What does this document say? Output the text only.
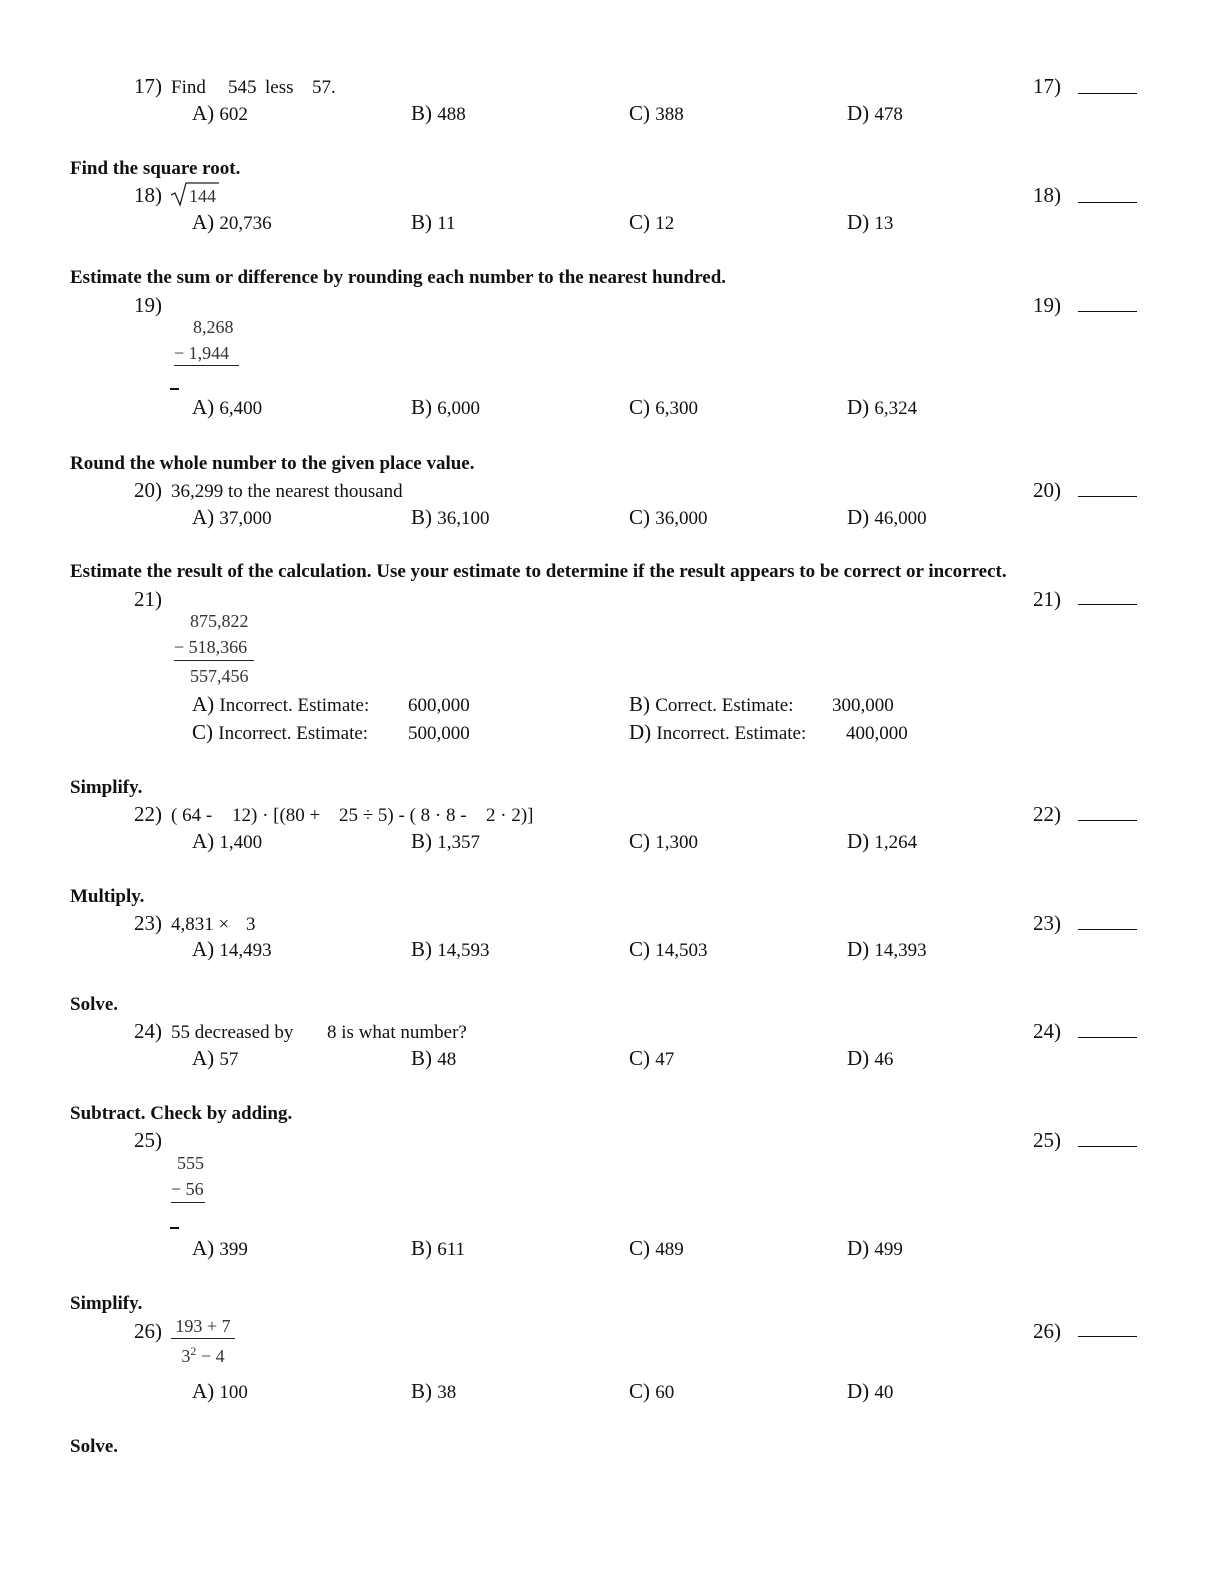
17) Find 545 less 57.	17)
A) 602	B) 488	C) 388	D) 478
Find the square root.
18) 144	18)
A) 20,736	B) 11	C) 12	D) 13
Estimate the sum or difference by rounding each number to the nearest hundred.
19)
8,268
− 1,944
19)
A) 6,400	B) 6,000	C) 6,300	D) 6,324
Round the whole number to the given place value.
20) 36,299 to the nearest thousand	20)
A) 37,000	B) 36,100	C) 36,000	D) 46,000
Estimate the result of the calculation. Use your estimate to determine if the result appears to be correct or incorrect.
21)
875,822
− 518,366
557,456
21)
A) Incorrect. Estimate: 600,000	B) Correct. Estimate: 300,000
C) Incorrect. Estimate: 500,000	D) Incorrect. Estimate: 400,000
Simplify.
22) ( 64 - 12) · [(80 + 25 ÷ 5) - ( 8 · 8 - 2 · 2)]	22)
A) 1,400	B) 1,357	C) 1,300	D) 1,264
Multiply.
23) 4,831 × 3	23)
A) 14,493	B) 14,593	C) 14,503	D) 14,393
Solve.
24) 55 decreased by 8 is what number?	24)
A) 57	B) 48	C) 47	D) 46
Subtract. Check by adding.
25)
555
− 56
25)
A) 399	B) 611	C) 489	D) 499
Simplify.
$26) \frac{193 + 7}{3^2 - 4}$	26)
A) 100	B) 38	C) 60	D) 40
Solve.
